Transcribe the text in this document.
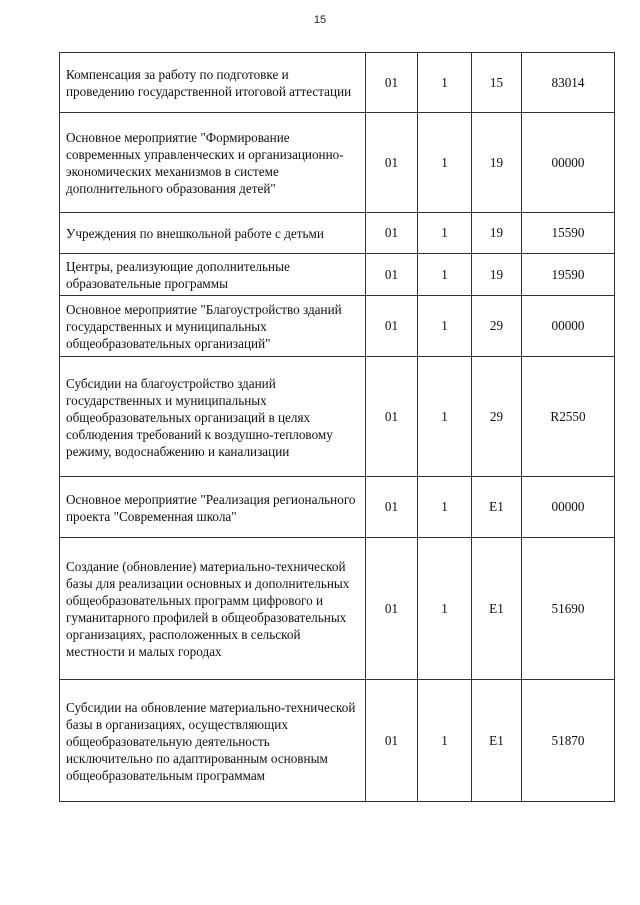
15
Компенсация за работу по подготовке и проведению государственной итоговой аттестации	01	1	15	83014
Основное мероприятие "Формирование современных управленческих и организационно-экономических механизмов в системе дополнительного образования детей"	01	1	19	00000
Учреждения по внешкольной работе с детьми	01	1	19	15590
Центры, реализующие дополнительные образовательные программы	01	1	19	19590
Основное мероприятие "Благоустройство зданий государственных и муниципальных общеобразовательных организаций"	01	1	29	00000
Субсидии на благоустройство зданий государственных и муниципальных общеобразовательных организаций в целях соблюдения требований к воздушно-тепловому режиму, водоснабжению и канализации	01	1	29	R2550
Основное мероприятие "Реализация регионального проекта "Современная школа"	01	1	E1	00000
Создание (обновление) материально-технической базы для реализации основных и дополнительных общеобразовательных программ цифрового и гуманитарного профилей в общеобразовательных организациях, расположенных в сельской местности и малых городах	01	1	E1	51690
Субсидии на обновление материально-технической базы в организациях, осуществляющих общеобразовательную деятельность исключительно по адаптированным основным общеобразовательным программам	01	1	E1	51870
